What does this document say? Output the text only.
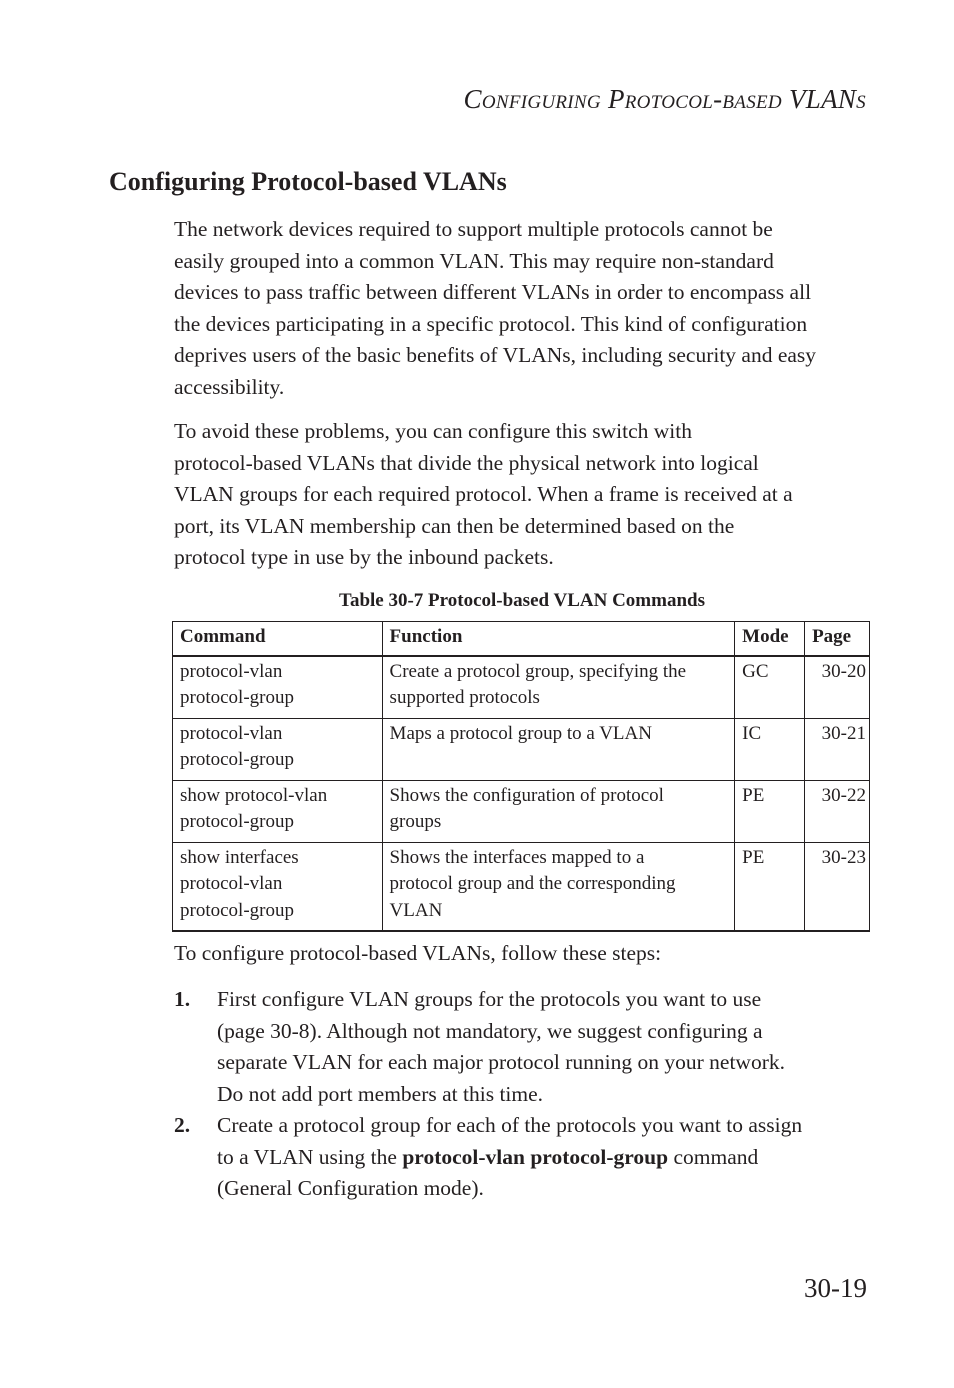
Configuring Protocol-based VLANs
Configuring Protocol-based VLANs

The network devices required to support multiple protocols cannot be
easily grouped into a common VLAN. This may require non-standard
devices to pass traffic between different VLANs in order to encompass all
the devices participating in a specific protocol. This kind of configuration
deprives users of the basic benefits of VLANs, including security and easy
accessibility.

To avoid these problems, you can configure this switch with
protocol-based VLANs that divide the physical network into logical
VLAN groups for each required protocol. When a frame is received at a
port, its VLAN membership can then be determined based on the
protocol type in use by the inbound packets.

Table 30-7 Protocol-based VLAN Commands
Command	Function	Mode	Page

protocol-vlan
protocol-group	Create a protocol group, specifying the
supported protocols	GC	30-20

protocol-vlan
protocol-group	Maps a protocol group to a VLAN	IC	30-21

show protocol-vlan
protocol-group	Shows the configuration of protocol
groups	PE	30-22

show interfaces
protocol-vlan
protocol-group	Shows the interfaces mapped to a
protocol group and the corresponding
VLAN	PE	30-23

To configure protocol-based VLANs, follow these steps:

1. First configure VLAN groups for the protocols you want to use
(page 30-8). Although not mandatory, we suggest configuring a
separate VLAN for each major protocol running on your network.
Do not add port members at this time.
2. Create a protocol group for each of the protocols you want to assign
to a VLAN using the protocol-vlan protocol-group command
(General Configuration mode).
30-19
